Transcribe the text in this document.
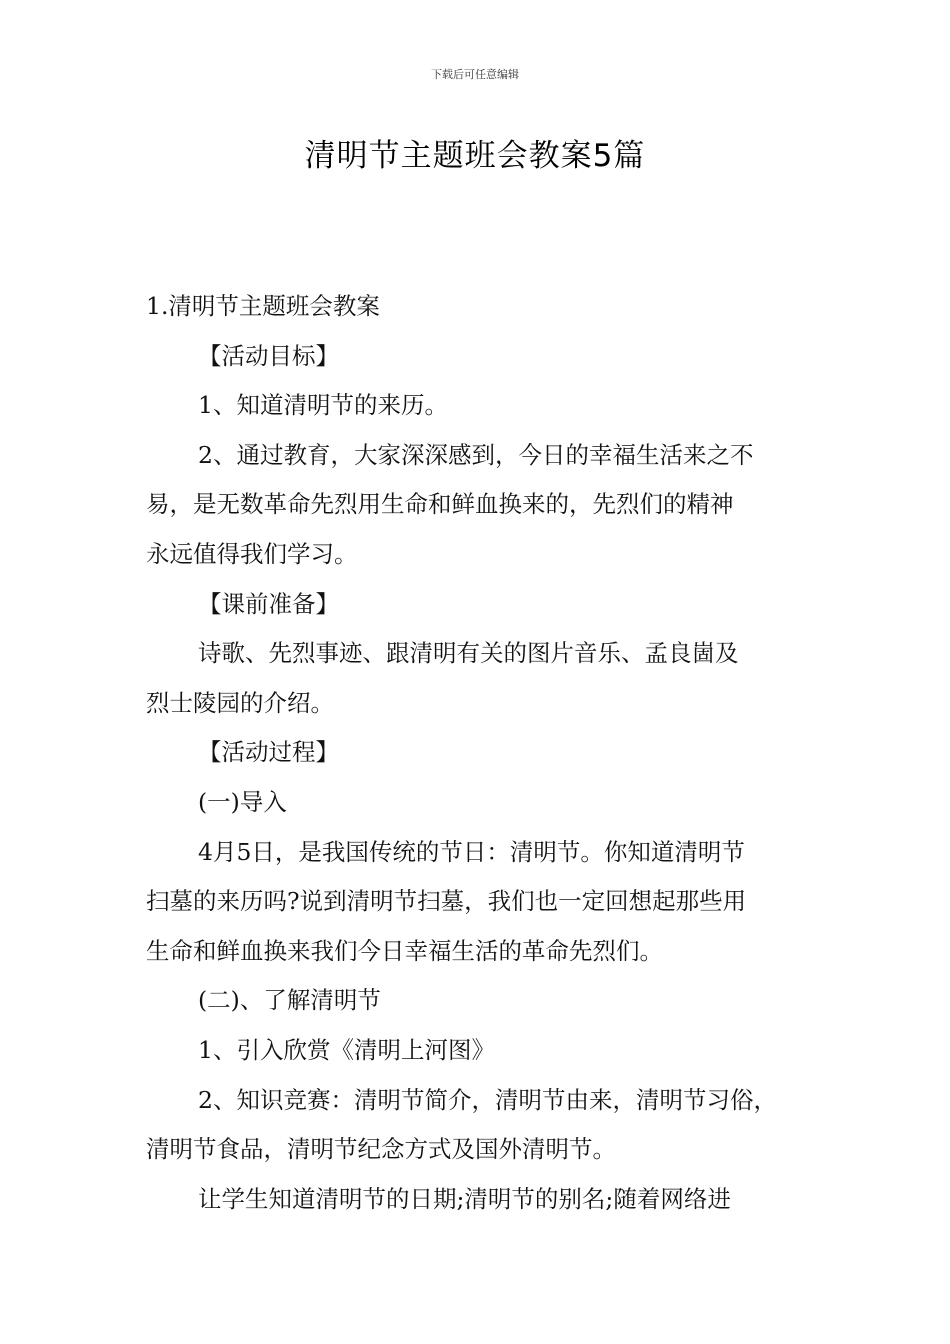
下载后可任意编辑
清明节主题班会教案5篇

1.清明节主题班会教案

【活动目标】

1、知道清明节的来历。

2、通过教育，大家深深感到，今日的幸福生活来之不

易，是无数革命先烈用生命和鲜血换来的，先烈们的精神

永远值得我们学习。

【课前准备】

诗歌、先烈事迹、跟清明有关的图片音乐、孟良崮及

烈士陵园的介绍。

【活动过程】

(一)导入

4月5日，是我国传统的节日：清明节。你知道清明节

扫墓的来历吗?说到清明节扫墓，我们也一定回想起那些用

生命和鲜血换来我们今日幸福生活的革命先烈们。

(二)、了解清明节

1、引入欣赏《清明上河图》

2、知识竞赛：清明节简介，清明节由来，清明节习俗，

清明节食品，清明节纪念方式及国外清明节。

让学生知道清明节的日期;清明节的别名;随着网络进
